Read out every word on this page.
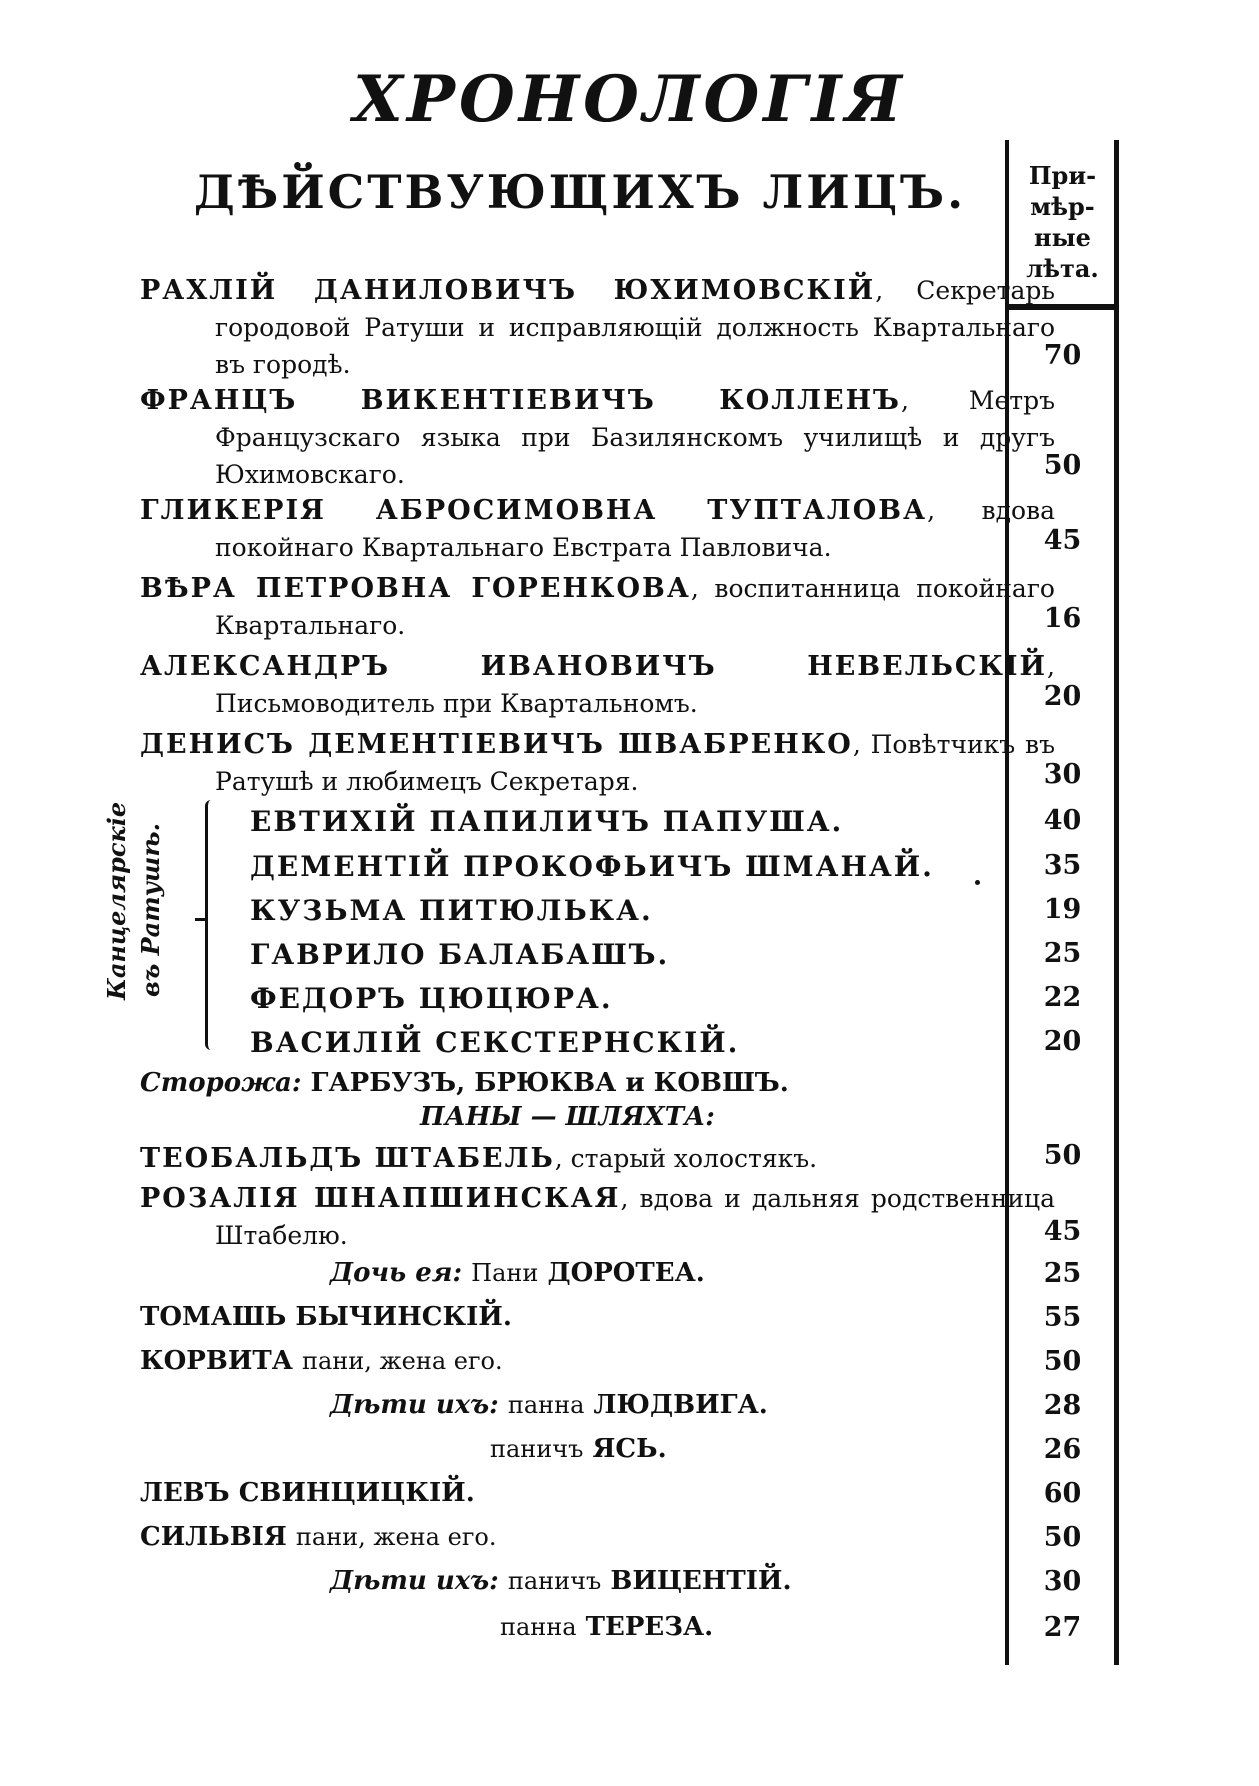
ХРОНОЛОГІЯ
ДѢЙСТВУЮЩИХЪ ЛИЦЪ.	При-мѣр-ные лѣта.
РАХЛІЙ ДАНИЛОВИЧЪ ЮХИМОВСКІЙ, Секретарь городовой Ратуши и исправляющій должность Квартальнаго въ городѣ.	70
ФРАНЦЪ ВИКЕНТІЕВИЧЪ КОЛЛЕНЪ, Метръ Французскаго языка при Базилянскомъ училищѣ и другъ Юхимовскаго.	50
ГЛИКЕРІЯ АБРОСИМОВНА ТУПТАЛОВА, вдова покойнаго Квартальнаго Евстрата Павловича.	45
ВѢРА ПЕТРОВНА ГОРЕНКОВА, воспитанница покойнаго Квартальнаго.	16
АЛЕКСАНДРЪ ИВАНОВИЧЪ НЕВЕЛЬСКІЙ, Письмоводитель при Квартальномъ.	20
ДЕНИСЪ ДЕМЕНТІЕВИЧЪ ШВАБРЕНКО, Повѣтчикъ въ Ратушѣ и любимецъ Секретаря.	30
Канцелярскіе въ Ратушѣ.
ЕВТИХІЙ ПАПИЛИЧЪ ПАПУША.	40
ДЕМЕНТІЙ ПРОКОФЬИЧЪ ШМАНАЙ.	35
КУЗЬМА ПИТЮЛЬКА.	19
ГАВРИЛО БАЛАБАШЪ.	25
ФЕДОРЪ ЦЮЦЮРА.	22
ВАСИЛІЙ СЕКСТЕРНСКІЙ.	20
Сторожа: ГАРБУЗЪ, БРЮКВА и КОВШЪ.
ПАНЫ — ШЛЯХТА:
ТЕОБАЛЬДЪ ШТАБЕЛЬ, старый холостякъ.	50
РОЗАЛІЯ ШНАПШИНСКАЯ, вдова и дальняя родственница Штабелю.	45
Дочь ея: Пани ДОРОТЕА.	25
ТОМАШЬ БЫЧИНСКІЙ.	55
КОРВИТА пани, жена его.	50
Дѣти ихъ: панна ЛЮДВИГА.	28
паничъ ЯСЬ.	26
ЛЕВЪ СВИНЦИЦКІЙ.	60
СИЛЬВІЯ пани, жена его.	50
Дѣти ихъ: паничъ ВИЦЕНТІЙ.	30
панна ТЕРЕЗА.	27
